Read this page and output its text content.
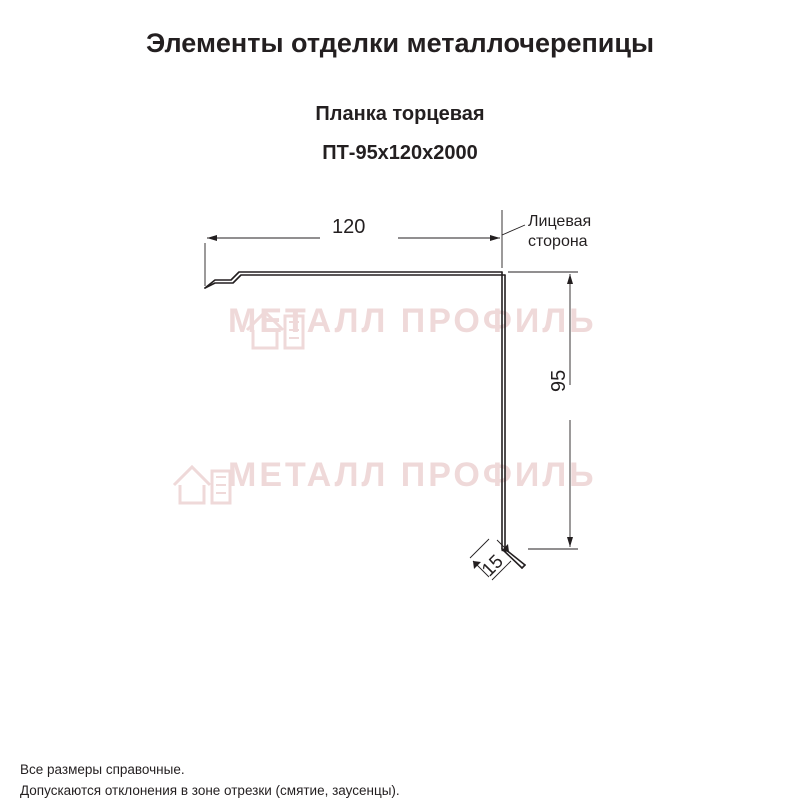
МЕТАЛЛ ПРОФИЛЬ
МЕТАЛЛ ПРОФИЛЬ
Элементы отделки металлочерепицы
Планка торцевая
ПТ-95х120х2000
120
95
15
Лицевая
сторона
Все размеры справочные.
Допускаются отклонения в зоне отрезки (смятие, заусенцы).
